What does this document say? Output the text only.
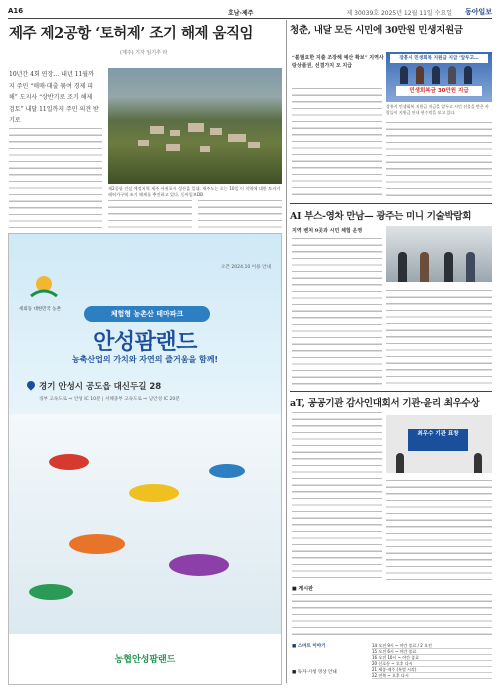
A16	호남·제주	제 30039호 2025년 12월 11일 수요일 동아일보
제주 제2공항 ‘토허제’ 조기 해제 움직임
(제주) 기자 임기추 라
10년간 4회 연장… 내년 11월까지 주민 “매매·대출 묶여 경제 피해” 도지사 “상반기로 조기 해제 검토” 내달 11일까지 주민 의견 받기로
제2공항 건설 예정지역 제주 서귀포시 성산읍 일대. 제주도는 오는 10일 이 지역에 대한 토지거래허가구역 조기 해제를 추진하고 있다. 동아일보DB
청춘, 내달 모든 시민에 30만원 민생지원금
“불필요한 지출 조장해 예산 확보” 지역사랑상품권, 선결가지 모 지급
장흥시 민생회복 지원금 지급 ‘앞두고…
민생회복금 30만원 지급
장흥시 민생회복 지원금 지급을 앞두고 시민 선물을 받은 사람들이 지원금 안내 현수막을 보고 있다.
AI 부스-영차 만남— 광주는 미니 기술박람회
지역 벤처 9곳과 시민 체험 운영
aT, 공공기관 감사인대회서 기관·윤리 최우수상
최우수 기관 표창
■ 게시판
세외동 대한민국 농촌
오픈 2024.10 이용 안내
체험형 농촌산 테마파크
안성팜랜드
농축산업의 가치와 자연의 즐거움을 함께!
경기 안성시 공도읍 대신두길 28
경부 고속도로 ⇨ 안성 IC 10분 | 서해중부 고속도로 ⇨ 남안성 IC 20분
농협안성팜랜드
■ 스마트 이야기
■ 독자·시청 영상 안내
14 오전 9시 ~ 야간 종료 / 2 오전
15 오전 6시 ~ 야간 종료
16 오전 10시 ~ 야간 종료
20 신호등 ~ 오후 다시
21 세종-제주 (특별 시각)
22 전북 ~ 오후 다시
